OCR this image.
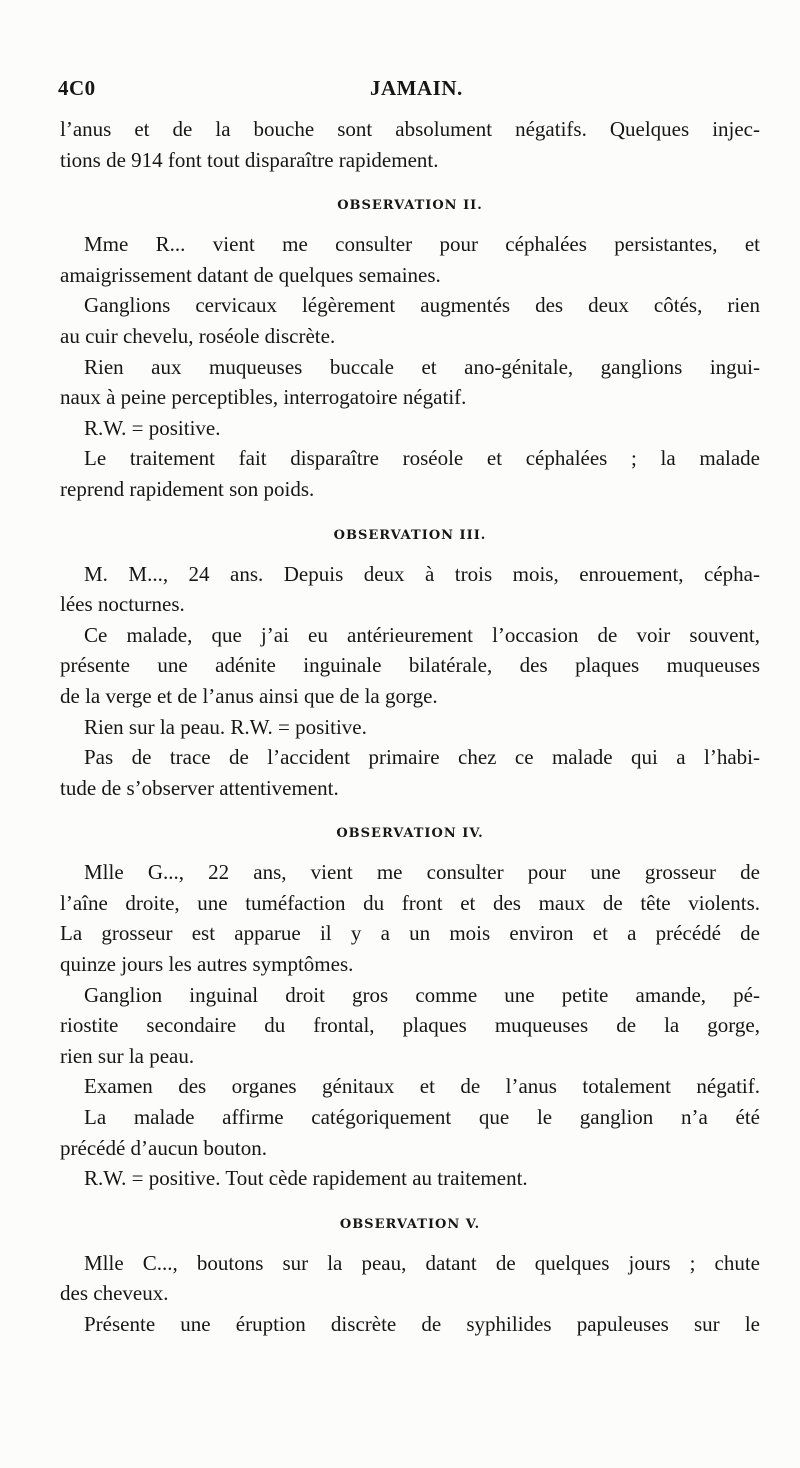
4C0	JAMAIN.
l’anus et de la bouche sont absolument négatifs. Quelques injec-
tions de 914 font tout disparaître rapidement.
OBSERVATION II.
Mme R... vient me consulter pour céphalées persistantes, et
amaigrissement datant de quelques semaines.
Ganglions cervicaux légèrement augmentés des deux côtés, rien
au cuir chevelu, roséole discrète.
Rien aux muqueuses buccale et ano-génitale, ganglions ingui-
naux à peine perceptibles, interrogatoire négatif.
R.W. = positive.
Le traitement fait disparaître roséole et céphalées ; la malade
reprend rapidement son poids.
OBSERVATION III.
M. M..., 24 ans. Depuis deux à trois mois, enrouement, cépha-
lées nocturnes.
Ce malade, que j’ai eu antérieurement l’occasion de voir souvent,
présente une adénite inguinale bilatérale, des plaques muqueuses
de la verge et de l’anus ainsi que de la gorge.
Rien sur la peau. R.W. = positive.
Pas de trace de l’accident primaire chez ce malade qui a l’habi-
tude de s’observer attentivement.
OBSERVATION IV.
Mlle G..., 22 ans, vient me consulter pour une grosseur de
l’aîne droite, une tuméfaction du front et des maux de tête violents.
La grosseur est apparue il y a un mois environ et a précédé de
quinze jours les autres symptômes.
Ganglion inguinal droit gros comme une petite amande, pé-
riostite secondaire du frontal, plaques muqueuses de la gorge,
rien sur la peau.
Examen des organes génitaux et de l’anus totalement négatif.
La malade affirme catégoriquement que le ganglion n’a été
précédé d’aucun bouton.
R.W. = positive. Tout cède rapidement au traitement.
OBSERVATION V.
Mlle C..., boutons sur la peau, datant de quelques jours ; chute
des cheveux.
Présente une éruption discrète de syphilides papuleuses sur le
